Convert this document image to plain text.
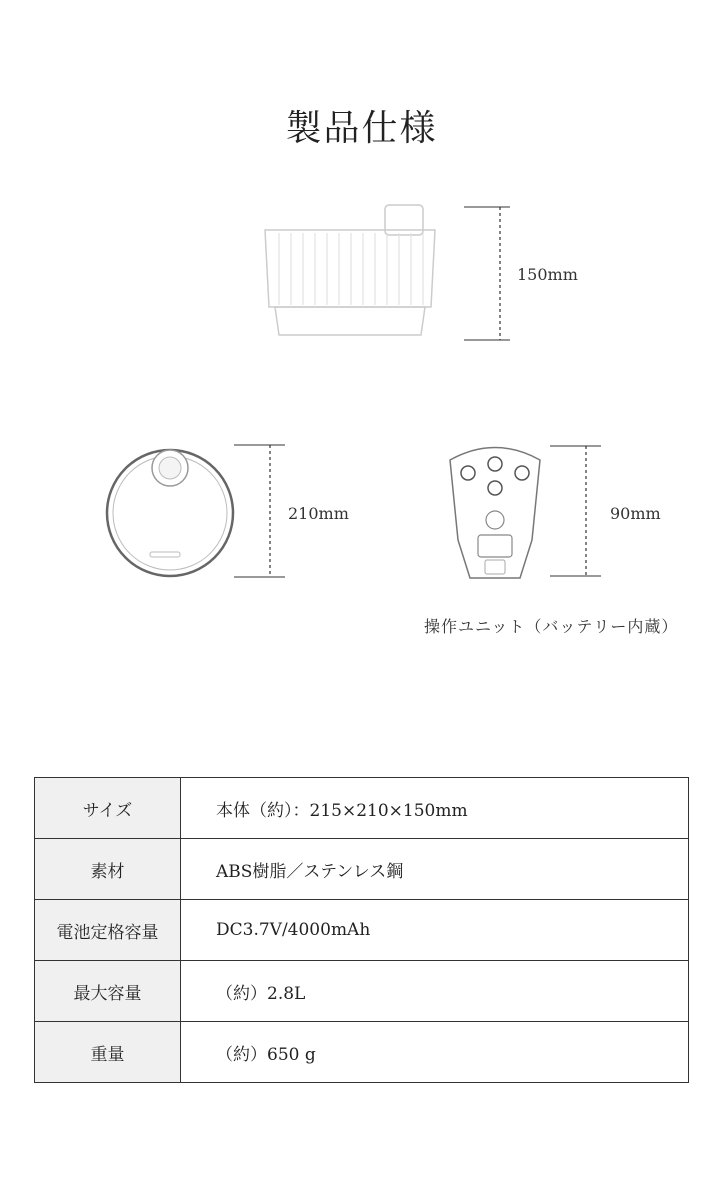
製品仕様
150mm
210mm	90mm
操作ユニット（バッテリー内蔵）
サイズ	本体（約）：215×210×150mm
素材	ABS樹脂／ステンレス鋼
電池定格容量	DC3.7V/4000mAh
最大容量	（約）2.8L
重量	（約）650 g
